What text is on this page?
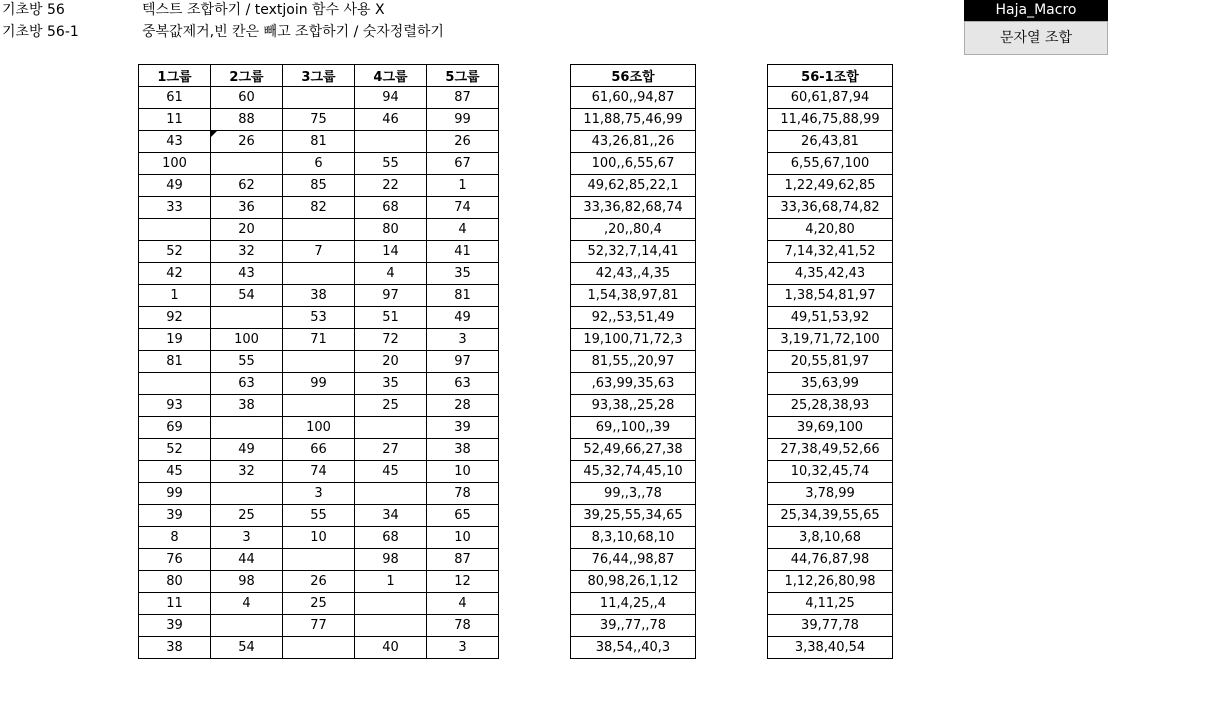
기초방 56	텍스트 조합하기 / textjoin 함수 사용 X
기초방 56-1	중복값제거,빈 칸은 빼고 조합하기 / 숫자정렬하기
Haja_Macro
문자열 조합
1그룹	2그룹	3그룹	4그룹	5그룹
61	60		94	87
11	88	75	46	99
43	26	81		26
100		6	55	67
49	62	85	22	1
33	36	82	68	74
	20		80	4
52	32	7	14	41
42	43		4	35
1	54	38	97	81
92		53	51	49
19	100	71	72	3
81	55		20	97
	63	99	35	63
93	38		25	28
69		100		39
52	49	66	27	38
45	32	74	45	10
99		3		78
39	25	55	34	65
8	3	10	68	10
76	44		98	87
80	98	26	1	12
11	4	25		4
39		77		78
38	54		40	3
56조합
61,60,,94,87
11,88,75,46,99
43,26,81,,26
100,,6,55,67
49,62,85,22,1
33,36,82,68,74
,20,,80,4
52,32,7,14,41
42,43,,4,35
1,54,38,97,81
92,,53,51,49
19,100,71,72,3
81,55,,20,97
,63,99,35,63
93,38,,25,28
69,,100,,39
52,49,66,27,38
45,32,74,45,10
99,,3,,78
39,25,55,34,65
8,3,10,68,10
76,44,,98,87
80,98,26,1,12
11,4,25,,4
39,,77,,78
38,54,,40,3
56-1조합
60,61,87,94
11,46,75,88,99
26,43,81
6,55,67,100
1,22,49,62,85
33,36,68,74,82
4,20,80
7,14,32,41,52
4,35,42,43
1,38,54,81,97
49,51,53,92
3,19,71,72,100
20,55,81,97
35,63,99
25,28,38,93
39,69,100
27,38,49,52,66
10,32,45,74
3,78,99
25,34,39,55,65
3,8,10,68
44,76,87,98
1,12,26,80,98
4,11,25
39,77,78
3,38,40,54
